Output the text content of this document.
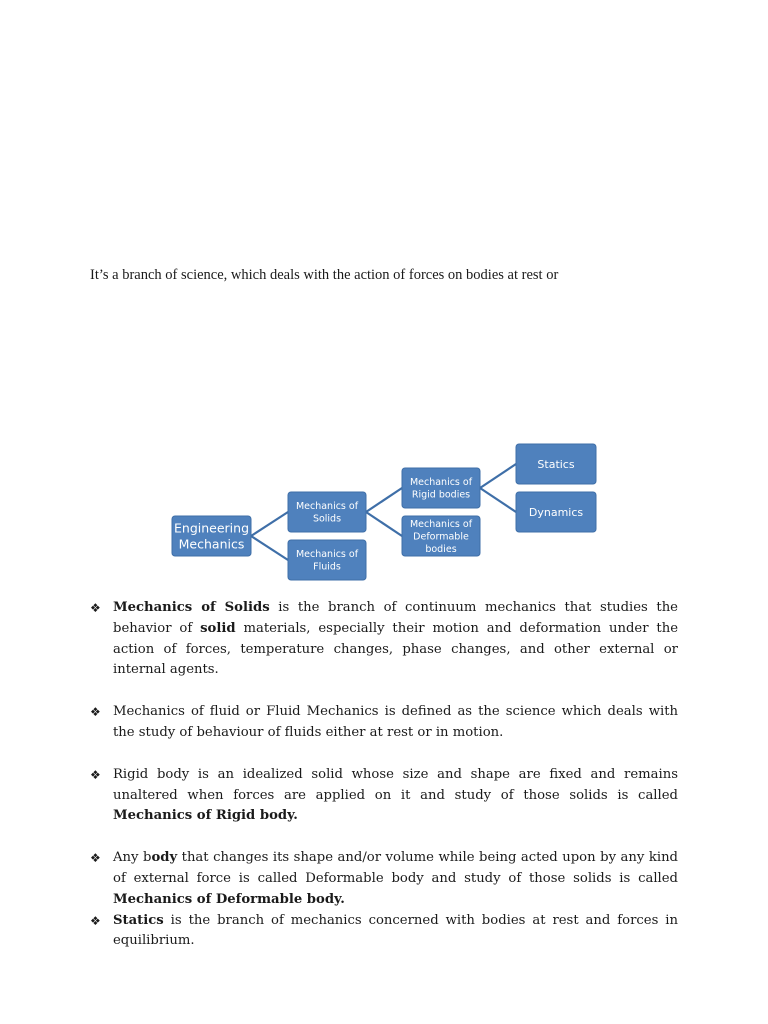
It’s a branch of science, which deals with the action of forces on bodies at rest or
Engineering
Mechanics
Mechanics of
Solids
Mechanics of
Fluids
Mechanics of
Rigid bodies
Mechanics of
Deformable
bodies
Statics
Dynamics
❖ Mechanics of Solids is the branch of continuum mechanics that studies the behavior of solid materials, especially their motion and deformation under the action of forces, temperature changes, phase changes, and other external or internal agents.
❖ Mechanics of fluid or Fluid Mechanics is defined as the science which deals with the study of behaviour of fluids either at rest or in motion.
❖ Rigid body is an idealized solid whose size and shape are fixed and remains unaltered when forces are applied on it and study of those solids is called Mechanics of Rigid body.
❖ Any body that changes its shape and/or volume while being acted upon by any kind of external force is called Deformable body and study of those solids is called Mechanics of Deformable body.
❖ Statics is the branch of mechanics concerned with bodies at rest and forces in equilibrium.
